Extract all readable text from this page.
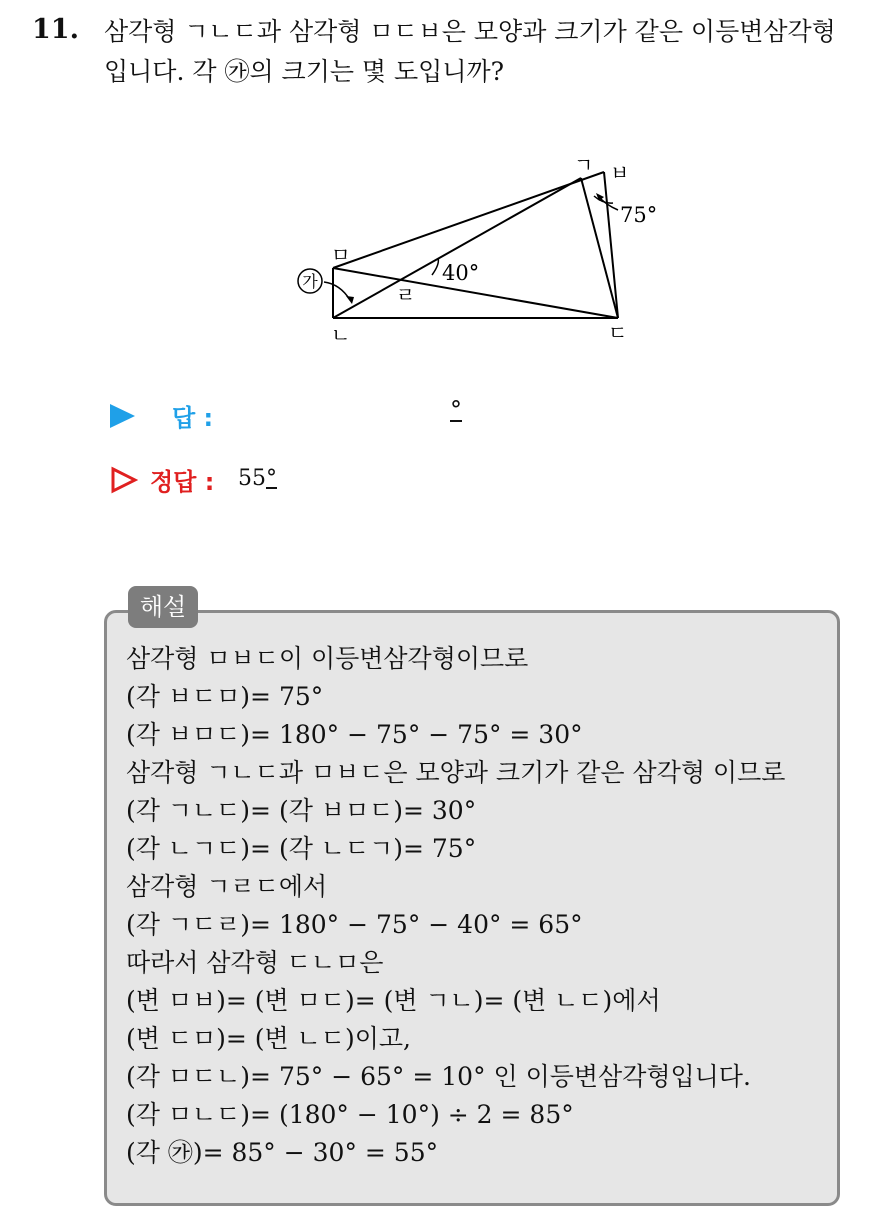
11. 삼각형 ㄱㄴㄷ과 삼각형 ㅁㄷㅂ은 모양과 크기가 같은 이등변삼각형
입니다. 각 ㉮의 크기는 몇 도입니까?
가
ㄱ ㅂ
ㅁ
ㄴ	ㄷ
ㄹ
40°
75°
답 :	°
정답 : 55°
해설
삼각형 ㅁㅂㄷ이 이등변삼각형이므로
(각 ㅂㄷㅁ)= 75°
(각 ㅂㅁㄷ)= 180° − 75° − 75° = 30°
삼각형 ㄱㄴㄷ과 ㅁㅂㄷ은 모양과 크기가 같은 삼각형 이므로
(각 ㄱㄴㄷ)= (각 ㅂㅁㄷ)= 30°
(각 ㄴㄱㄷ)= (각 ㄴㄷㄱ)= 75°
삼각형 ㄱㄹㄷ에서
(각 ㄱㄷㄹ)= 180° − 75° − 40° = 65°
따라서 삼각형 ㄷㄴㅁ은
(변 ㅁㅂ)= (변 ㅁㄷ)= (변 ㄱㄴ)= (변 ㄴㄷ)에서
(변 ㄷㅁ)= (변 ㄴㄷ)이고,
(각 ㅁㄷㄴ)= 75° − 65° = 10° 인 이등변삼각형입니다.
(각 ㅁㄴㄷ)= (180° − 10°) ÷ 2 = 85°
(각 ㉮)= 85° − 30° = 55°
